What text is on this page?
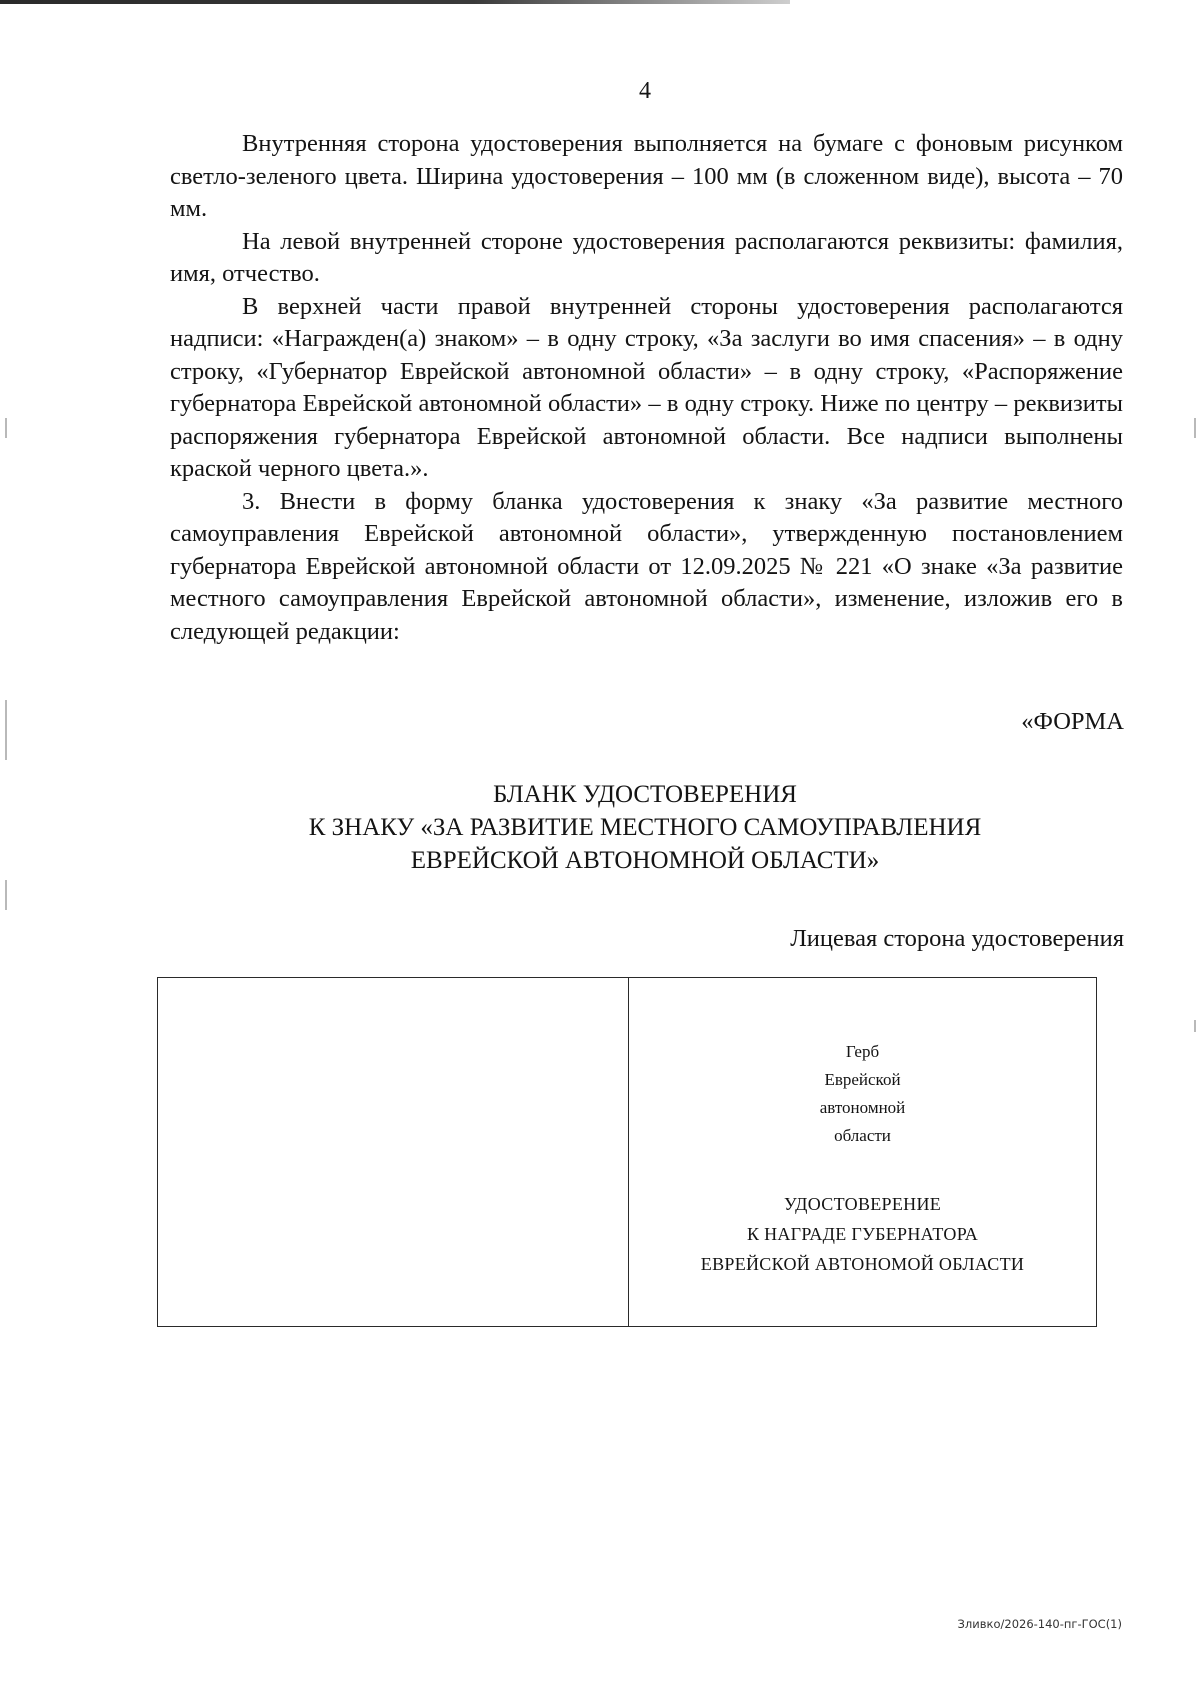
4

Внутренняя сторона удостоверения выполняется на бумаге с фоновым рисунком светло-зеленого цвета. Ширина удостоверения – 100 мм (в сложенном виде), высота – 70 мм.

На левой внутренней стороне удостоверения располагаются реквизиты: фамилия, имя, отчество.

В верхней части правой внутренней стороны удостоверения располагаются надписи: «Награжден(а) знаком» – в одну строку, «За заслуги во имя спасения» – в одну строку, «Губернатор Еврейской автономной области» – в одну строку, «Распоряжение губернатора Еврейской автономной области» – в одну строку. Ниже по центру – реквизиты распоряжения губернатора Еврейской автономной области. Все надписи выполнены краской черного цвета.».

3. Внести в форму бланка удостоверения к знаку «За развитие местного самоуправления Еврейской автономной области», утвержденную постановлением губернатора Еврейской автономной области от 12.09.2025 № 221 «О знаке «За развитие местного самоуправления Еврейской автономной области», изменение, изложив его в следующей редакции:

«ФОРМА
БЛАНК УДОСТОВЕРЕНИЯ
К ЗНАКУ «ЗА РАЗВИТИЕ МЕСТНОГО САМОУПРАВЛЕНИЯ
ЕВРЕЙСКОЙ АВТОНОМНОЙ ОБЛАСТИ»
Лицевая сторона удостоверения
Герб
Еврейской
автономной
области
УДОСТОВЕРЕНИЕ
К НАГРАДЕ ГУБЕРНАТОРА
ЕВРЕЙСКОЙ АВТОНОМОЙ ОБЛАСТИ
Зливко/2026-140-пг-ГОС(1)
